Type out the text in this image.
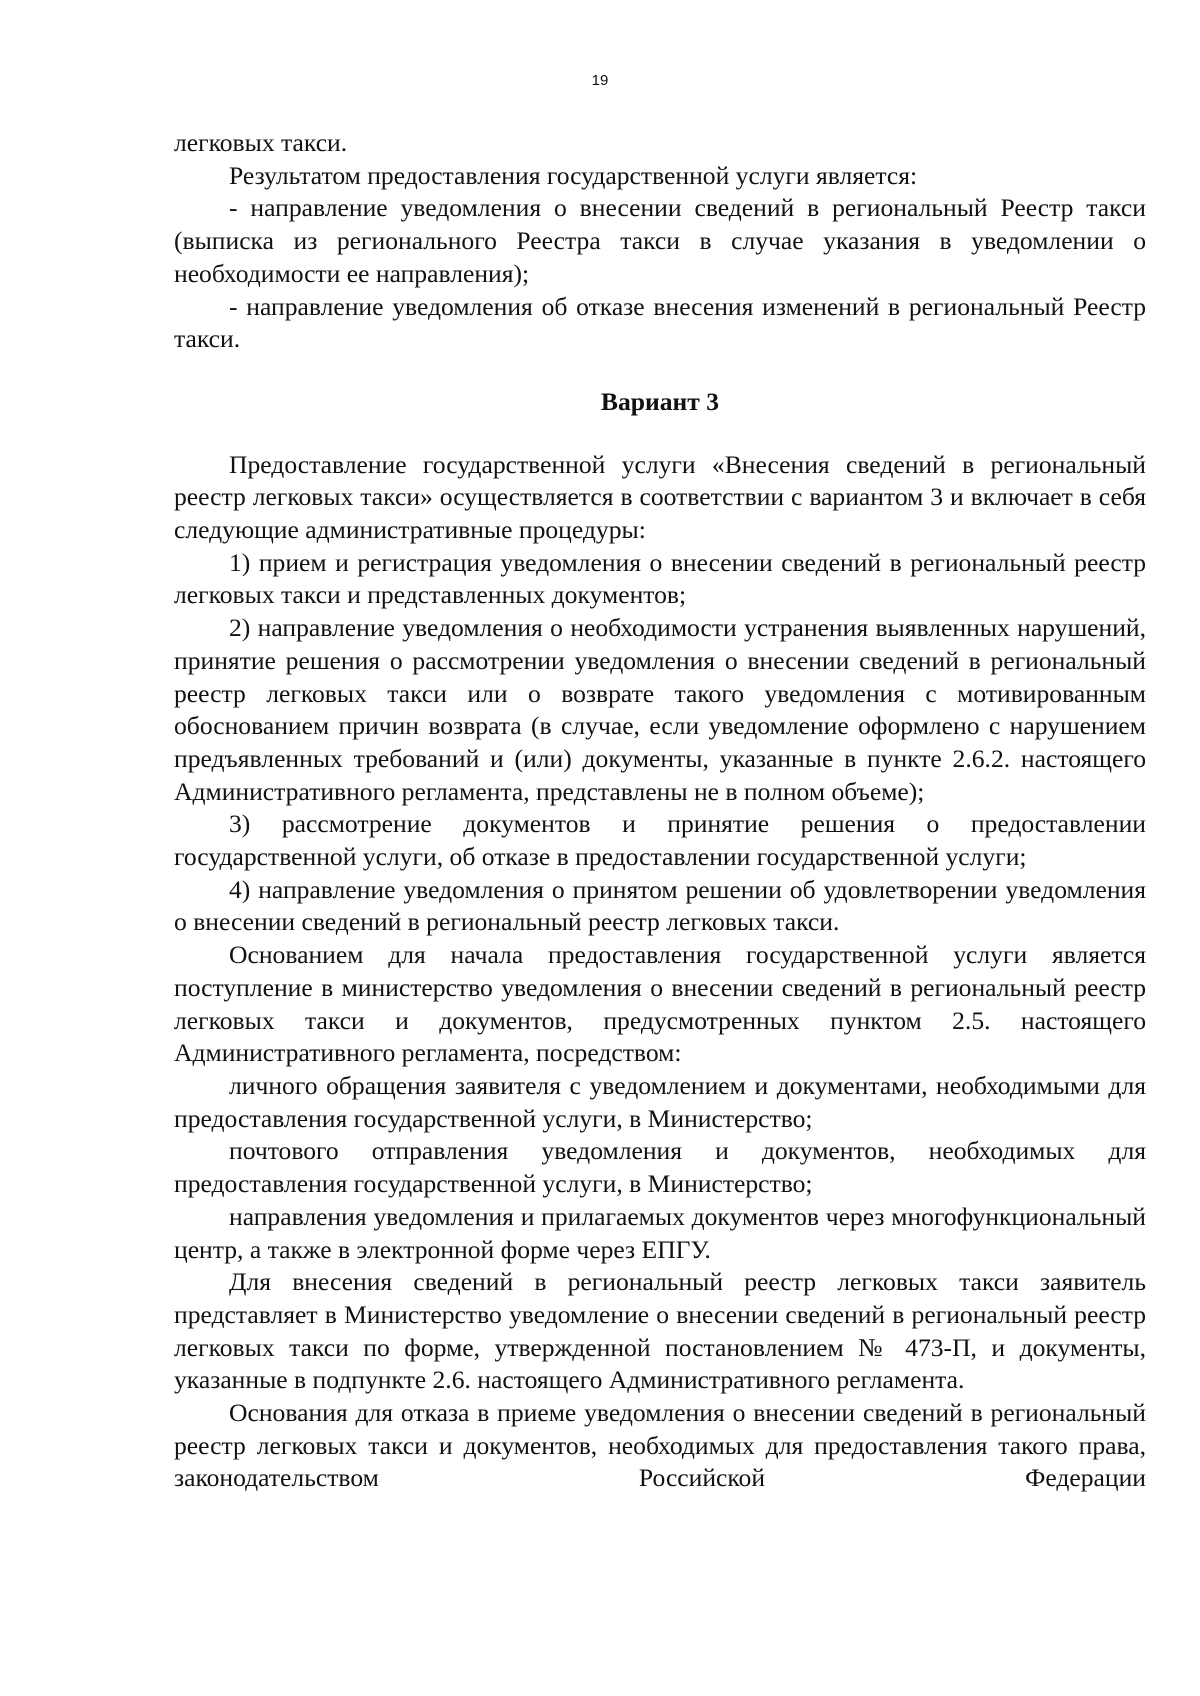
19

легковых такси.

Результатом предоставления государственной услуги является:

- направление уведомления о внесении сведений в региональный Реестр такси (выписка из регионального Реестра такси в случае указания в уведомлении о необходимости ее направления);

- направление уведомления об отказе внесения изменений в региональный Реестр такси.

Вариант 3

Предоставление государственной услуги «Внесения сведений в региональный реестр легковых такси» осуществляется в соответствии с вариантом 3 и включает в себя следующие административные процедуры:

1) прием и регистрация уведомления о внесении сведений в региональный реестр легковых такси и представленных документов;

2) направление уведомления о необходимости устранения выявленных нарушений, принятие решения о рассмотрении уведомления о внесении сведений в региональный реестр легковых такси или о возврате такого уведомления с мотивированным обоснованием причин возврата (в случае, если уведомление оформлено с нарушением предъявленных требований и (или) документы, указанные в пункте 2.6.2. настоящего Административного регламента, представлены не в полном объеме);

3) рассмотрение документов и принятие решения о предоставлении государственной услуги, об отказе в предоставлении государственной услуги;

4) направление уведомления о принятом решении об удовлетворении уведомления о внесении сведений в региональный реестр легковых такси.

Основанием для начала предоставления государственной услуги является поступление в министерство уведомления о внесении сведений в региональный реестр легковых такси и документов, предусмотренных пунктом 2.5. настоящего Административного регламента, посредством:

личного обращения заявителя с уведомлением и документами, необходимыми для предоставления государственной услуги, в Министерство;

почтового отправления уведомления и документов, необходимых для предоставления государственной услуги, в Министерство;

направления уведомления и прилагаемых документов через многофункциональный центр, а также в электронной форме через ЕПГУ.

Для внесения сведений в региональный реестр легковых такси заявитель представляет в Министерство уведомление о внесении сведений в региональный реестр легковых такси по форме, утвержденной постановлением № 473-П, и документы, указанные в подпункте 2.6. настоящего Административного регламента.

Основания для отказа в приеме уведомления о внесении сведений в региональный реестр легковых такси и документов, необходимых для предоставления такого права, законодательством Российской Федерации
